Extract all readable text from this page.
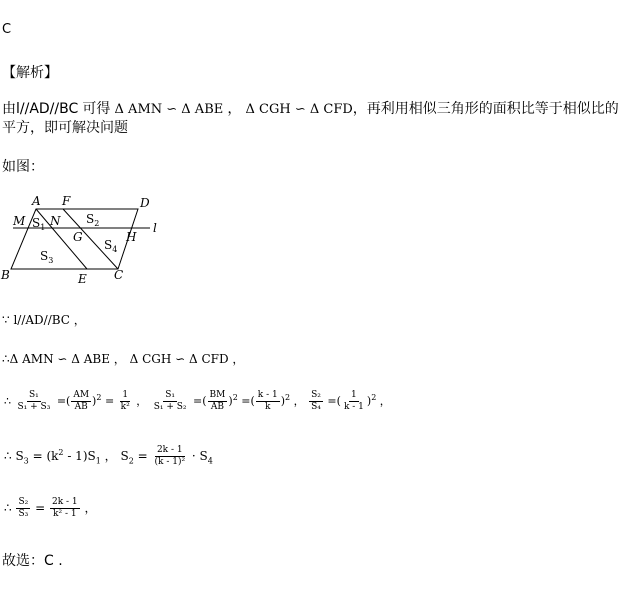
C
【解析】
由l//AD//BC 可得 Δ AMN ∽ Δ ABE ， Δ CGH ∽ Δ CFD，再利用相似三角形的面积比等于相似比的平方，即可解决问题
如图：
A F	D
M N
G	H
l
B	E C
$S_1$
$S_2$
$S_3$
$S_4$
∵ l//AD//BC ，
∴Δ AMN ∽ Δ ABE ， Δ CGH ∽ Δ CFD ，
∴ $\frac{\text{S₁}}{\text{S₁ + S₃}}$ =( $\frac{AM}{AB} )^2 = \frac{1}{\text{k²}}$ ， $\frac{\text{S₁}}{\text{S₁ + S₂}}$ =( $\frac{BM}{AB} )^2$ =( $\frac{k - 1}{k} )^2$ ， $\frac{\text{S₂}}{\text{S₄}}$ =( $\frac{1}{k - 1} )^2$ ，
∴ $S_3 = (k^2 - 1)S_1$ ， $S_2 = \frac{2k - 1}{\text{(k - 1)²}} \cdot S_4$
∴ $\frac{\text{S₂}}{\text{S₃}} = \frac{2k - 1}{\text{k² - 1}}$ ，
故选：C .
